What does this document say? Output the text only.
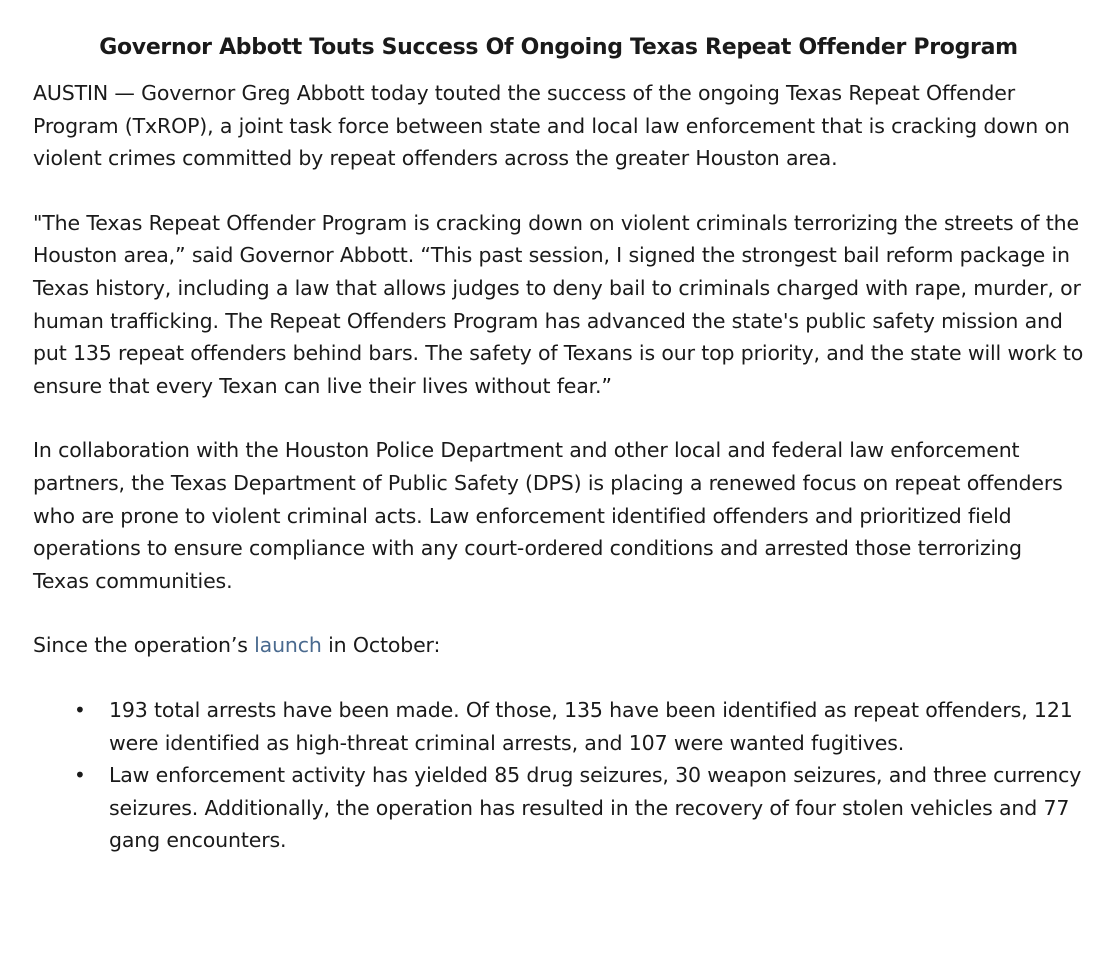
Governor Abbott Touts Success Of Ongoing Texas Repeat Offender Program

AUSTIN — Governor Greg Abbott today touted the success of the ongoing Texas Repeat Offender Program (TxROP), a joint task force between state and local law enforcement that is cracking down on violent crimes committed by repeat offenders across the greater Houston area.

"The Texas Repeat Offender Program is cracking down on violent criminals terrorizing the streets of the Houston area,” said Governor Abbott. “This past session, I signed the strongest bail reform package in Texas history, including a law that allows judges to deny bail to criminals charged with rape, murder, or human trafficking. The Repeat Offenders Program has advanced the state's public safety mission and put 135 repeat offenders behind bars. The safety of Texans is our top priority, and the state will work to ensure that every Texan can live their lives without fear.”

In collaboration with the Houston Police Department and other local and federal law enforcement partners, the Texas Department of Public Safety (DPS) is placing a renewed focus on repeat offenders who are prone to violent criminal acts. Law enforcement identified offenders and prioritized field operations to ensure compliance with any court-ordered conditions and arrested those terrorizing Texas communities.

Since the operation’s launch in October:

• 193 total arrests have been made. Of those, 135 have been identified as repeat offenders, 121 were identified as high-threat criminal arrests, and 107 were wanted fugitives.
• Law enforcement activity has yielded 85 drug seizures, 30 weapon seizures, and three currency seizures. Additionally, the operation has resulted in the recovery of four stolen vehicles and 77 gang encounters.
